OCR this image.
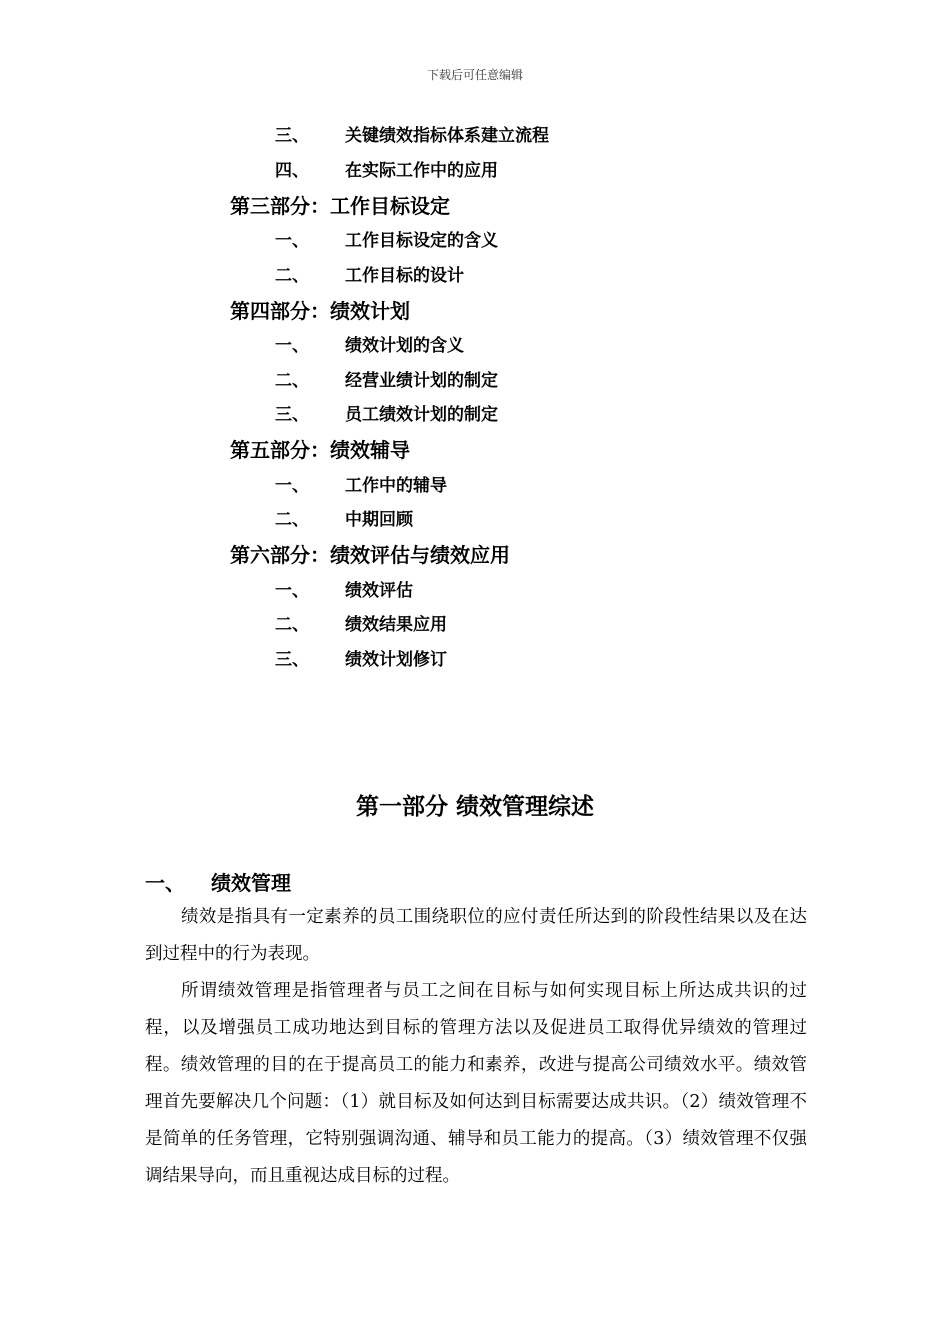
下载后可任意编辑
三、 关键绩效指标体系建立流程
四、 在实际工作中的应用
第三部分：工作目标设定
一、 工作目标设定的含义
二、 工作目标的设计
第四部分：绩效计划
一、 绩效计划的含义
二、 经营业绩计划的制定
三、 员工绩效计划的制定
第五部分：绩效辅导
一、 工作中的辅导
二、 中期回顾
第六部分：绩效评估与绩效应用
一、 绩效评估
二、 绩效结果应用
三、 绩效计划修订
第一部分 绩效管理综述
一、 绩效管理
绩效是指具有一定素养的员工围绕职位的应付责任所达到的阶段性结果以及在达到过程中的行为表现。
所谓绩效管理是指管理者与员工之间在目标与如何实现目标上所达成共识的过程，以及增强员工成功地达到目标的管理方法以及促进员工取得优异绩效的管理过程。绩效管理的目的在于提高员工的能力和素养，改进与提高公司绩效水平。绩效管理首先要解决几个问题：（1）就目标及如何达到目标需要达成共识。（2）绩效管理不是简单的任务管理，它特别强调沟通、辅导和员工能力的提高。（3）绩效管理不仅强调结果导向，而且重视达成目标的过程。
